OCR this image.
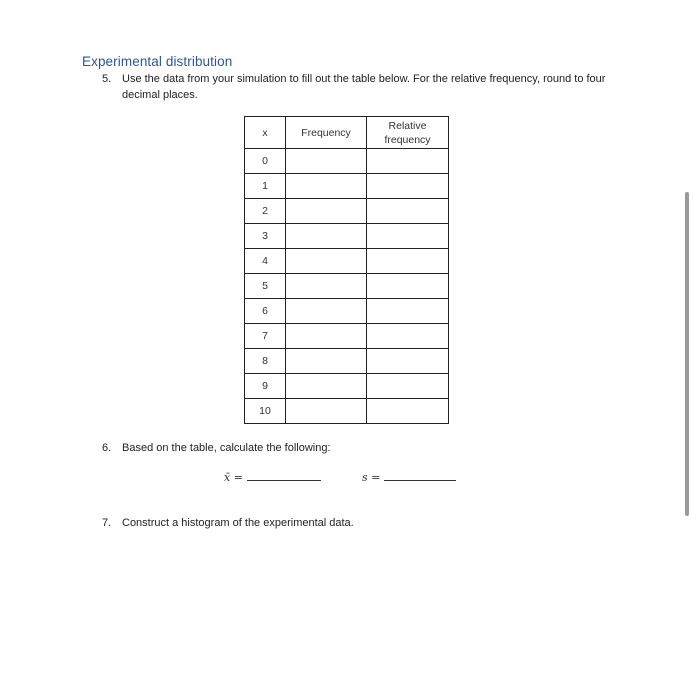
Experimental distribution
5. Use the data from your simulation to fill out the table below. For the relative frequency, round to four decimal places.
x	Frequency	Relative frequency
0		
1		
2		
3		
4		
5		
6		
7		
8		
9		
10		
6. Based on the table, calculate the following:
x̄ =	s =
7. Construct a histogram of the experimental data.
